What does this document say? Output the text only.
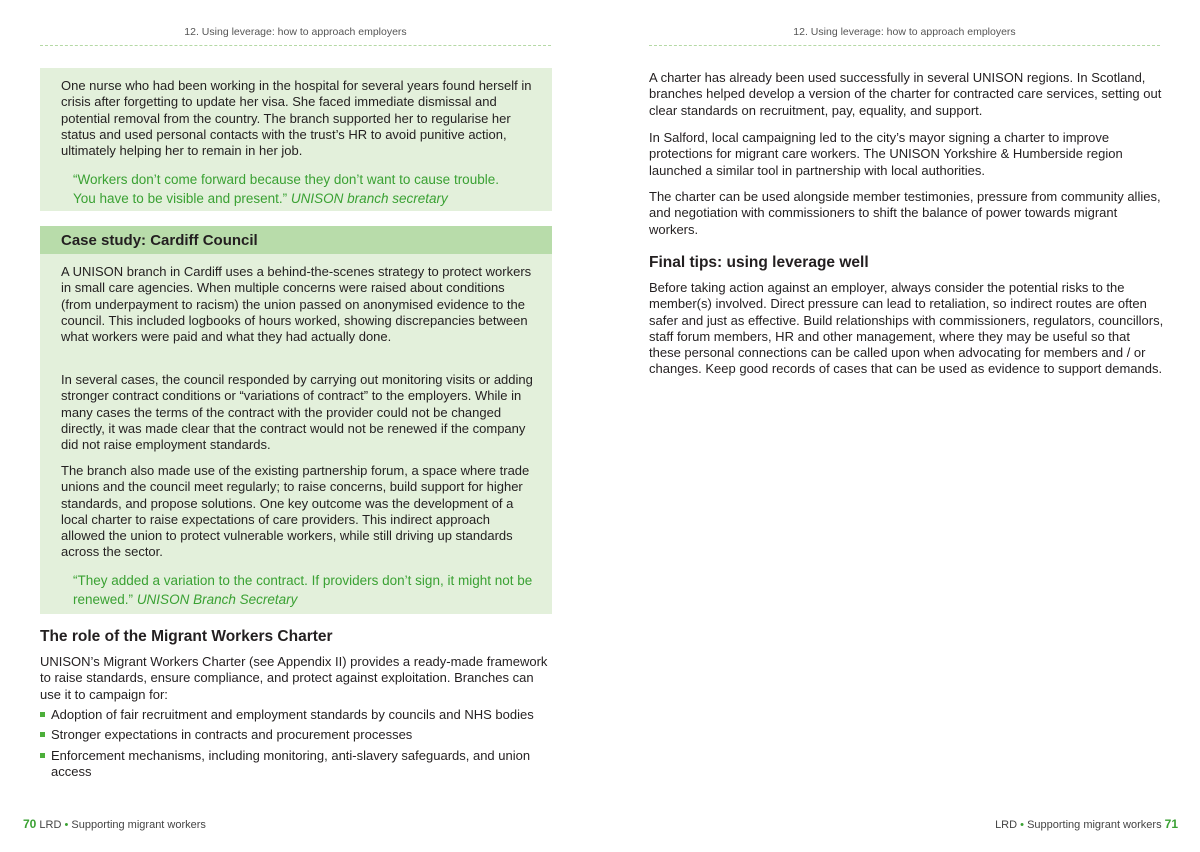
12. Using leverage: how to approach employers

One nurse who had been working in the hospital for several years found herself in crisis after forgetting to update her visa. She faced immediate dismissal and potential removal from the country. The branch supported her to regularise her status and used personal contacts with the trust’s HR to avoid punitive action, ultimately helping her to remain in her job.

“Workers don’t come forward because they don’t want to cause trouble. You have to be visible and present.” UNISON branch secretary

Case study: Cardiff Council

A UNISON branch in Cardiff uses a behind-the-scenes strategy to protect workers in small care agencies. When multiple concerns were raised about conditions (from underpayment to racism) the union passed on anonymised evidence to the council. This included logbooks of hours worked, showing discrepancies between what workers were paid and what they had actually done.

In several cases, the council responded by carrying out monitoring visits or adding stronger contract conditions or “variations of contract” to the employers. While in many cases the terms of the contract with the provider could not be changed directly, it was made clear that the contract would not be renewed if the company did not raise employment standards.

The branch also made use of the existing partnership forum, a space where trade unions and the council meet regularly; to raise concerns, build support for higher standards, and propose solutions. One key outcome was the development of a local charter to raise expectations of care providers. This indirect approach allowed the union to protect vulnerable workers, while still driving up standards across the sector.

“They added a variation to the contract. If providers don’t sign, it might not be renewed.” UNISON Branch Secretary

The role of the Migrant Workers Charter

UNISON’s Migrant Workers Charter (see Appendix II) provides a ready-made framework to raise standards, ensure compliance, and protect against exploitation. Branches can use it to campaign for:

Adoption of fair recruitment and employment standards by councils and NHS bodies
Stronger expectations in contracts and procurement processes
Enforcement mechanisms, including monitoring, anti-slavery safeguards, and union access
70 LRD • Supporting migrant workers
12. Using leverage: how to approach employers

A charter has already been used successfully in several UNISON regions. In Scotland, branches helped develop a version of the charter for contracted care services, setting out clear standards on recruitment, pay, equality, and support.

In Salford, local campaigning led to the city’s mayor signing a charter to improve protections for migrant care workers. The UNISON Yorkshire & Humberside region launched a similar tool in partnership with local authorities.

The charter can be used alongside member testimonies, pressure from community allies, and negotiation with commissioners to shift the balance of power towards migrant workers.

Final tips: using leverage well

Before taking action against an employer, always consider the potential risks to the member(s) involved. Direct pressure can lead to retaliation, so indirect routes are often safer and just as effective. Build relationships with commissioners, regulators, councillors, staff forum members, HR and other management, where they may be useful so that these personal connections can be called upon when advocating for members and / or changes. Keep good records of cases that can be used as evidence to support demands.

LRD • Supporting migrant workers 71
